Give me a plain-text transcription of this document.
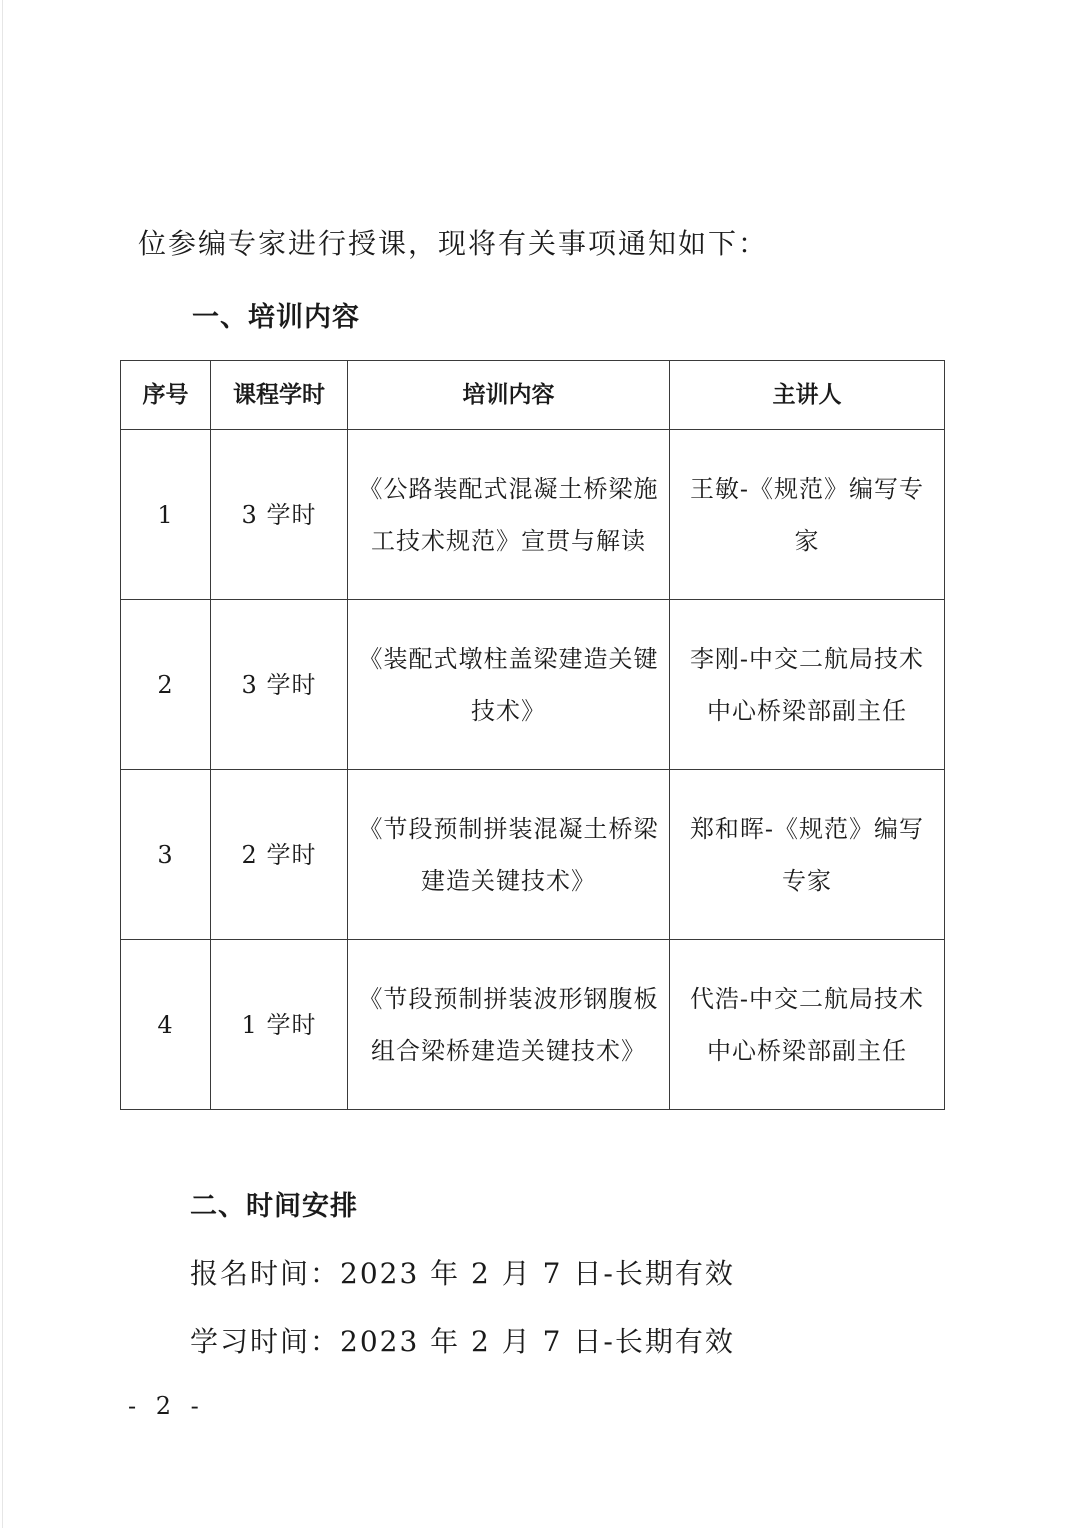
位参编专家进行授课，现将有关事项通知如下：
一、培训内容
序号	课程学时	培训内容	主讲人
1	3 学时	《公路装配式混凝土桥梁施工技术规范》宣贯与解读	王敏-《规范》编写专家
2	3 学时	《装配式墩柱盖梁建造关键技术》	李刚-中交二航局技术中心桥梁部副主任
3	2 学时	《节段预制拼装混凝土桥梁建造关键技术》	郑和晖-《规范》编写专家
4	1 学时	《节段预制拼装波形钢腹板组合梁桥建造关键技术》	代浩-中交二航局技术中心桥梁部副主任
二、时间安排
报名时间：2023 年 2 月 7 日-长期有效
学习时间：2023 年 2 月 7 日-长期有效
- 2 -
